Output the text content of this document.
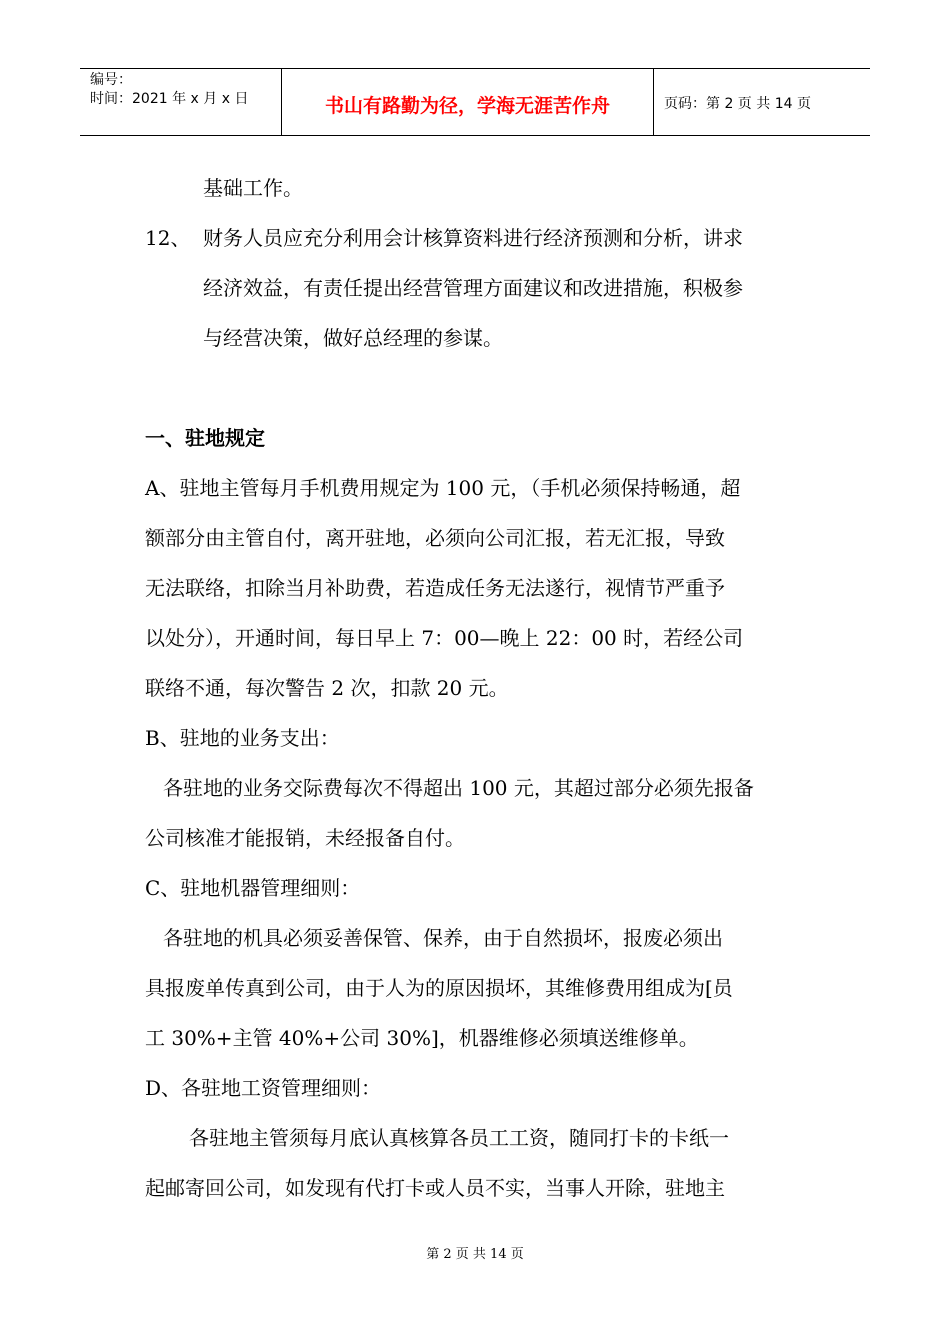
编号：
时间：2021 年 x 月 x 日	书山有路勤为径，学海无涯苦作舟	页码：第 2 页 共 14 页
基础工作。
12、 财务人员应充分利用会计核算资料进行经济预测和分析，讲求
经济效益，有责任提出经营管理方面建议和改进措施，积极参
与经营决策，做好总经理的参谋。
一、驻地规定
A、驻地主管每月手机费用规定为 100 元，（手机必须保持畅通，超
额部分由主管自付，离开驻地，必须向公司汇报，若无汇报，导致
无法联络，扣除当月补助费，若造成任务无法遂行，视情节严重予
以处分），开通时间，每日早上 7：00—晚上 22：00 时，若经公司
联络不通，每次警告 2 次，扣款 20 元。
B、驻地的业务支出：
各驻地的业务交际费每次不得超出 100 元，其超过部分必须先报备
公司核准才能报销，未经报备自付。
C、驻地机器管理细则：
各驻地的机具必须妥善保管、保养，由于自然损坏，报废必须出
具报废单传真到公司，由于人为的原因损坏，其维修费用组成为[员
工 30%+主管 40%+公司 30%]，机器维修必须填送维修单。
D、各驻地工资管理细则：
各驻地主管须每月底认真核算各员工工资，随同打卡的卡纸一
起邮寄回公司，如发现有代打卡或人员不实，当事人开除，驻地主
第 2 页 共 14 页
